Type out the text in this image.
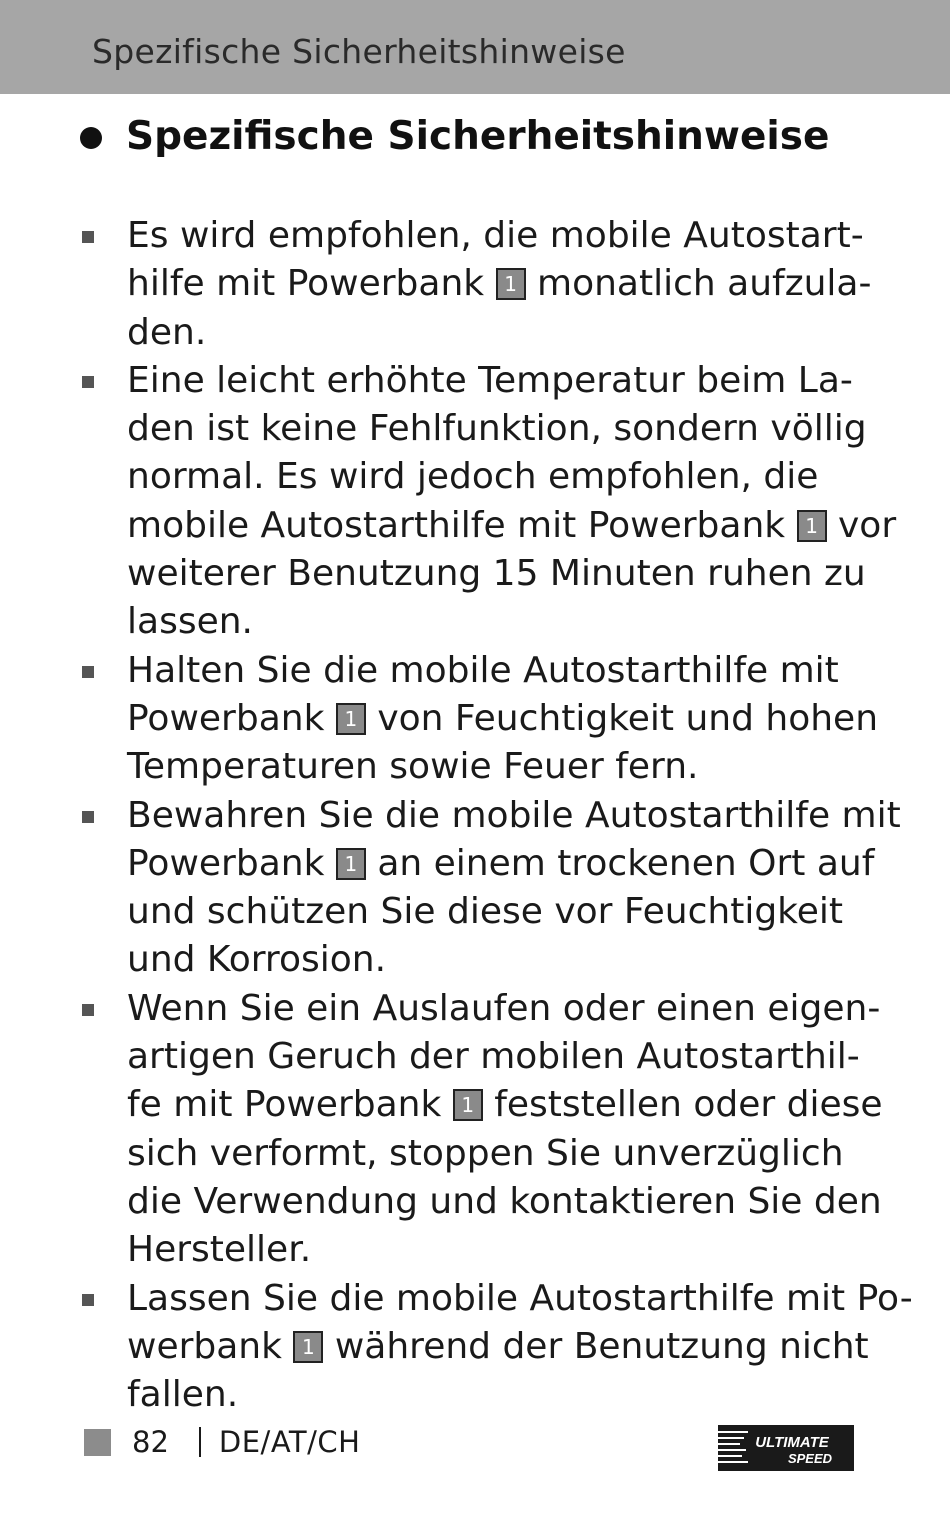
Spezifische Sicherheitshinweise
Spezifische Sicherheitshinweise
Es wird empfohlen, die mobile Autostart-
hilfe mit Powerbank 1 monatlich aufzula-
den.
Eine leicht erhöhte Temperatur beim La-
den ist keine Fehlfunktion, sondern völlig
normal. Es wird jedoch empfohlen, die
mobile Autostarthilfe mit Powerbank 1 vor
weiterer Benutzung 15 Minuten ruhen zu
lassen.
Halten Sie die mobile Autostarthilfe mit
Powerbank 1 von Feuchtigkeit und hohen
Temperaturen sowie Feuer fern.
Bewahren Sie die mobile Autostarthilfe mit
Powerbank 1 an einem trockenen Ort auf
und schützen Sie diese vor Feuchtigkeit
und Korrosion.
Wenn Sie ein Auslaufen oder einen eigen-
artigen Geruch der mobilen Autostarthil-
fe mit Powerbank 1 feststellen oder diese
sich verformt, stoppen Sie unverzüglich
die Verwendung und kontaktieren Sie den
Hersteller.
Lassen Sie die mobile Autostarthilfe mit Po-
werbank 1 während der Benutzung nicht
fallen.
82 DE/AT/CH	ULTIMATE
SPEED
